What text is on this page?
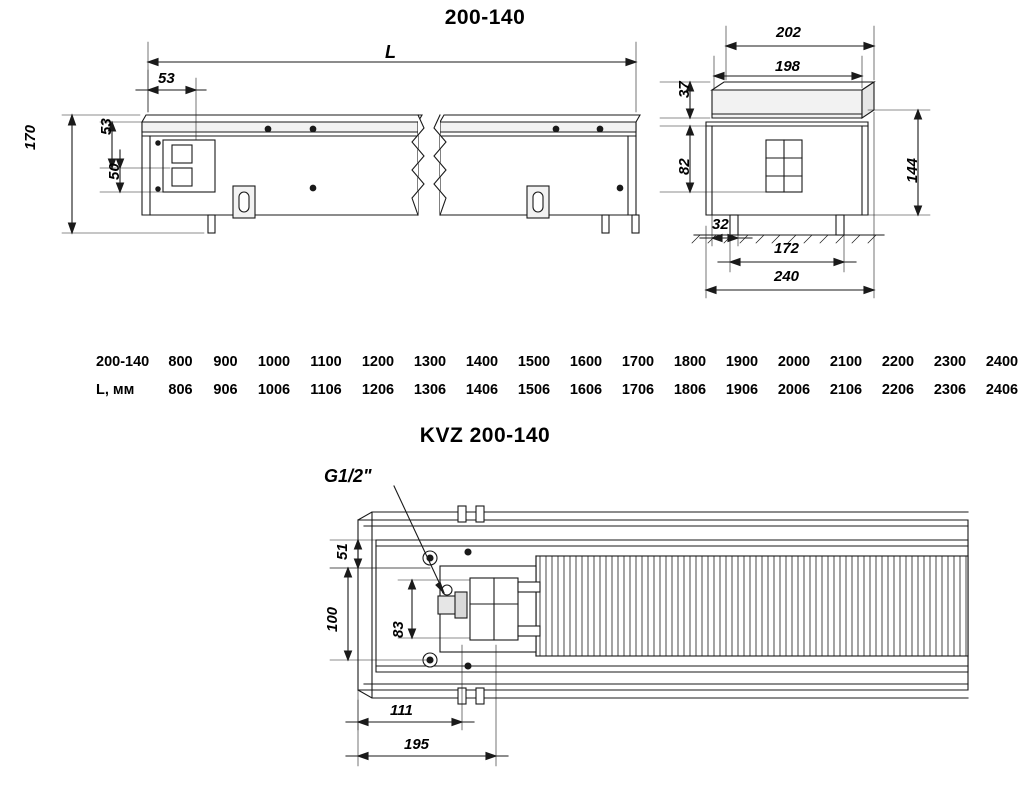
200-140
KVZ 200-140
L
53
170	53
50
202
198
37
82	144
32
172
240
G1/2"
51
100	83
111
195
200-140 800 900 1000 1100 1200 1300 1400 1500 1600 1700 1800 1900 2000 2100 2200 2300 2400
L, мм 806 906 1006 1106 1206 1306 1406 1506 1606 1706 1806 1906 2006 2106 2206 2306 2406
